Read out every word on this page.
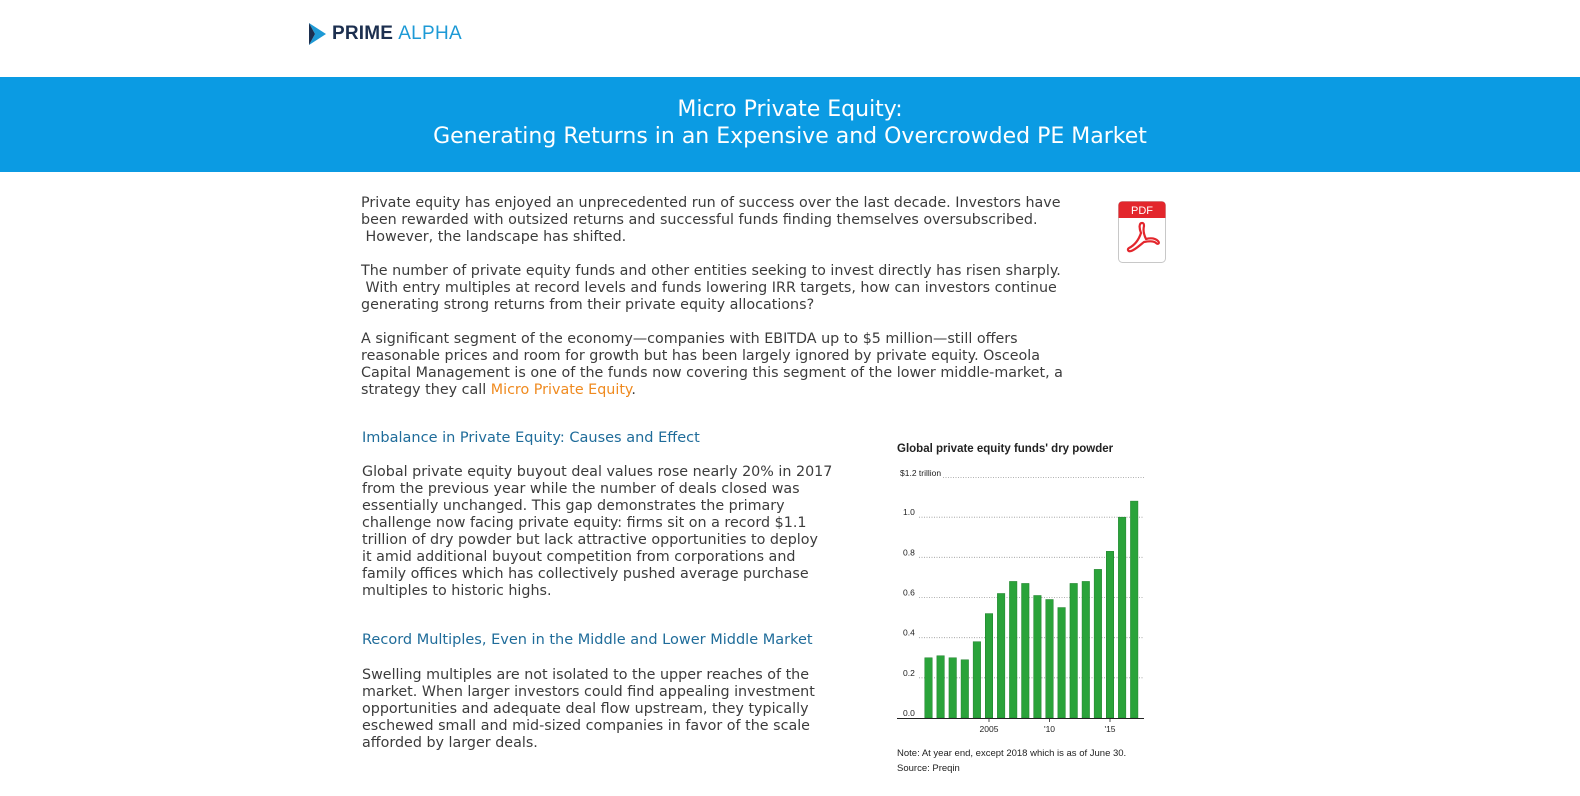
PRIME ALPHA
Micro Private Equity:
Generating Returns in an Expensive and Overcrowded PE Market
PDF
Private equity has enjoyed an unprecedented run of success over the last decade. Investors have
been rewarded with outsized returns and successful funds finding themselves oversubscribed.
However, the landscape has shifted.
The number of private equity funds and other entities seeking to invest directly has risen sharply.
With entry multiples at record levels and funds lowering IRR targets, how can investors continue
generating strong returns from their private equity allocations?
A significant segment of the economy—companies with EBITDA up to $5 million—still offers
reasonable prices and room for growth but has been largely ignored by private equity. Osceola
Capital Management is one of the funds now covering this segment of the lower middle-market, a
strategy they call Micro Private Equity.
Imbalance in Private Equity: Causes and Effect
Global private equity buyout deal values rose nearly 20% in 2017
from the previous year while the number of deals closed was
essentially unchanged. This gap demonstrates the primary
challenge now facing private equity: firms sit on a record $1.1
trillion of dry powder but lack attractive opportunities to deploy
it amid additional buyout competition from corporations and
family offices which has collectively pushed average purchase
multiples to historic highs.
Record Multiples, Even in the Middle and Lower Middle Market
Swelling multiples are not isolated to the upper reaches of the
market. When larger investors could find appealing investment
opportunities and adequate deal flow upstream, they typically
eschewed small and mid-sized companies in favor of the scale
afforded by larger deals.
Global private equity funds' dry powder
$1.2 trillion
0.0
0.2
0.4
0.6
0.8
1.0
2005	'10	'15
Note: At year end, except 2018 which is as of June 30.
Source: Preqin
